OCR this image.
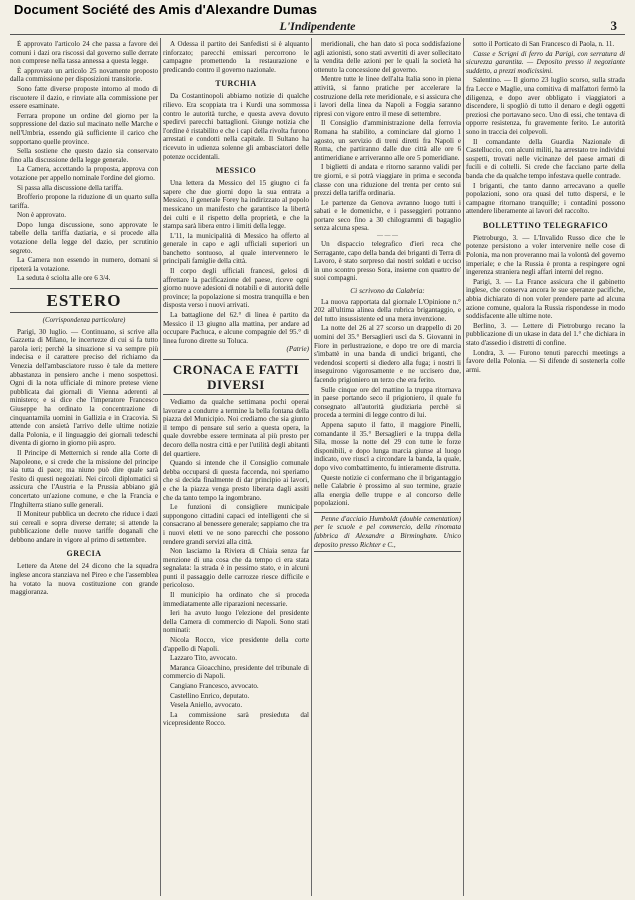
Document Société des Amis d'Alexandre Dumas
L'Indipendente	3

È approvato l'articolo 24 che passa a favore dei comuni i dazi ora riscossi dal governo sulle derrate non comprese nella tassa annessa a questa legge.

È approvato un articolo 25 novamente proposto dalla commissione per disposizioni transitorie.

Sono fatte diverse proposte intorno al modo di riscuotere il dazio, e rinviate alla commissione per essere esaminate.

Ferrara propone un ordine del giorno per la soppressione del dazio sul macinato nelle Marche e nell'Umbria, essendo già sufficiente il carico che sopportano quelle province.

Sella sostiene che questo dazio sia conservato fino alla discussione della legge generale.

La Camera, accettando la proposta, approva con votazione per appello nominale l'ordine del giorno.

Si passa alla discussione della tariffa.

Brofferio propone la riduzione di un quarto sulla tariffa.

Non è approvato.

Dopo lunga discussione, sono approvate le tabelle della tariffa daziaria, e si procede alla votazione della legge del dazio, per scrutinio segreto.

La Camera non essendo in numero, domani si ripeterà la votazione.

La seduta è sciolta alle ore 6 3/4.

ESTERO
(Corrispondenza particolare)

Parigi, 30 luglio. — Continuano, si scrive alla Gazzetta di Milano, le incertezze di cui si fa tutto parola ieri; perchè la situazione si va sempre più indecisa e il carattere preciso del richiamo da Venezia dell'ambasciatore russo è tale da mettere abbastanza in pensiero anche i meno sospettosi. Ogni di la nota ufficiale di minore pretese viene pubblicata dai giornali di Vienna aderenti al ministero; e si dice che l'imperatore Francesco Giuseppe ha ordinato la concentrazione di cinquantamila uomini in Gallizia e in Cracovia. Si attende con ansietà l'arrivo delle ultime notizie dalla Polonia, e il linguaggio dei giornali tedeschi diventa di giorno in giorno più aspro.

Il Principe di Metternich si rende alla Corte di Napoleone, e si crede che la missione del principe sia tutta di pace; ma niuno può dire quale sarà l'esito di questi negoziati. Nei circoli diplomatici si assicura che l'Austria e la Prussia abbiano già concertato un'azione comune, e che la Francia e l'Inghilterra stiano sulle generali.

Il Moniteur pubblica un decreto che riduce i dazi sui cereali e sopra diverse derrate; si attende la pubblicazione delle nuove tariffe doganali che debbono andare in vigore al primo di settembre.

GRECIA

Lettere da Atene del 24 dicono che la squadra inglese ancora stanziava nel Pireo e che l'assemblea ha votato la nuova costituzione con grande maggioranza.

A Odessa il partito dei Sanfedisti si è alquanto rinforzato; parecchi emissari percorrono le campagne promettendo la restaurazione e predicando contro il governo nazionale.

TURCHIA

Da Costantinopoli abbiamo notizie di qualche rilievo. Era scoppiata tra i Kurdi una sommossa contro le autorità turche, e questa aveva dovuto spedirvi parecchi battaglioni. Giunge notizia che l'ordine è ristabilito e che i capi della rivolta furono arrestati e condotti nella capitale. Il Sultano ha ricevuto in udienza solenne gli ambasciatori delle potenze occidentali.

MESSICO

Una lettera da Messico del 15 giugno ci fa sapere che due giorni dopo la sua entrata a Messico, il generale Forey ha indirizzato al popolo messicano un manifesto che garantisce la libertà dei culti e il rispetto della proprietà, e che la stampa sarà libera entro i limiti della legge.

L'11, la municipalità di Messico ha offerto al generale in capo e agli ufficiali superiori un banchetto sontuoso, al quale intervennero le principali famiglie della città.

Il corpo degli ufficiali francesi, gelosi di affrettare la pacificazione del paese, riceve ogni giorno nuove adesioni di notabili e di autorità delle province; la popolazione si mostra tranquilla e ben disposta verso i nuovi arrivati.

La battaglione del 62.° di linea è partito da Messico il 13 giugno alla mattina, per andare ad occupare Pachuca, e alcune compagnie del 95.° di linea furono dirette su Toluca.

(Patrie)
CRONACA E FATTI DIVERSI

Vediamo da qualche settimana pochi operai lavorare a condurre a termine la bella fontana della piazza del Municipio. Noi crediamo che sia giunto il tempo di pensare sul serio a questa opera, la quale dovrebbe essere terminata al più presto per decoro della nostra città e per l'utilità degli abitanti del quartiere.

Quando si intende che il Consiglio comunale debba occuparsi di questa faccenda, noi speriamo che si decida finalmente di dar principio ai lavori, e che la piazza venga presto liberata dagli assiti che da tanto tempo la ingombrano.

Le funzioni di consigliere municipale suppongono cittadini capaci ed intelligenti che si consacrano al benessere generale; sappiamo che tra i nuovi eletti ve ne sono parecchi che possono rendere grandi servizi alla città.

Non lasciamo la Riviera di Chiaia senza far menzione di una cosa che da tempo ci era stata segnalata: la strada è in pessimo stato, e in alcuni punti il passaggio delle carrozze riesce difficile e pericoloso.

Il municipio ha ordinato che si proceda immediatamente alle riparazioni necessarie.

Ieri ha avuto luogo l'elezione del presidente della Camera di commercio di Napoli. Sono stati nominati:

Nicola Rocco, vice presidente della corte d'appello di Napoli.

Lazzaro Tito, avvocato.

Maranca Gioacchino, presidente del tribunale di commercio di Napoli.

Cangiano Francesco, avvocato.

Castellino Enrico, deputato.

Vesela Aniello, avvocato.

La commissione sarà presieduta dal vicepresidente Rocco.

meridionali, che han dato sì poca soddisfazione agli azionisti, sono stati avvertiti di aver sollecitato la vendita delle azioni per le quali la società ha ottenuto la concessione del governo.

Mentre tutte le linee dell'alta Italia sono in piena attività, si fanno pratiche per accelerare la costruzione della rete meridionale, e si assicura che i lavori della linea da Napoli a Foggia saranno ripresi con vigore entro il mese di settembre.

Il Consiglio d'amministrazione della ferrovia Romana ha stabilito, a cominciare dal giorno 1 agosto, un servizio di treni diretti fra Napoli e Roma, che partiranno dalle due città alle ore 6 antimeridiane e arriveranno alle ore 5 pomeridiane.

I biglietti di andata e ritorno saranno validi per tre giorni, e si potrà viaggiare in prima e seconda classe con una riduzione del trenta per cento sui prezzi della tariffa ordinaria.

Le partenze da Genova avranno luogo tutti i sabati e le domeniche, e i passeggieri potranno portare seco fino a 30 chilogrammi di bagaglio senza alcuna spesa.

— — —

Un dispaccio telegrafico d'ieri reca che Serragante, capo della banda dei briganti di Terra di Lavoro, è stato sorpreso dai nostri soldati e ucciso in uno scontro presso Sora, insieme con quattro de' suoi compagni.

Ci scrivono da Calabria:

La nuova rapportata dal giornale L'Opinione n.° 202 all'ultima alinea della rubrica brigantaggio, e del tutto insussistente ed una mera invenzione.

La notte del 26 al 27 scorso un drappello di 20 uomini del 35.° Bersaglieri uscì da S. Giovanni in Fiore in perlustrazione, e dopo tre ore di marcia s'imbattè in una banda di undici briganti, che vedendosi scoperti si diedero alla fuga; i nostri li inseguirono vigorosamente e ne uccisero due, facendo prigioniero un terzo che era ferito.

Sulle cinque ore del mattino la truppa ritornava in paese portando seco il prigioniero, il quale fu consegnato all'autorità giudiziaria perchè si proceda a termini di legge contro di lui.

Appena saputo il fatto, il maggiore Pinelli, comandante il 35.° Bersaglieri e la truppa della Sila, mosse la notte del 29 con tutte le forze disponibili, e dopo lunga marcia giunse al luogo indicato, ove riuscì a circondare la banda, la quale, dopo vivo combattimento, fu intieramente distrutta.

Queste notizie ci confermano che il brigantaggio nelle Calabrie è prossimo al suo termine, grazie alla energia delle truppe e al concorso delle popolazioni.

Penne d'acciaio Humboldt (double cementation) per le scuole e pel commercio, della rinomata fabbrica di Alexandre a Birmingham. Unico deposito presso Richter e C.,

sotto il Porticato di San Francesco di Paola, n. 11.

Casse e Scrigni di ferro da Parigi, con serratura di sicurezza garantita. — Deposito presso il negoziante suddetto, a prezzi modicissimi.

Salentino. — Il giorno 23 luglio scorso, sulla strada fra Lecce e Maglie, una comitiva di malfattori fermò la diligenza, e dopo aver obbligato i viaggiatori a discendere, li spogliò di tutto il denaro e degli oggetti preziosi che portavano seco. Uno di essi, che tentava di opporre resistenza, fu gravemente ferito. Le autorità sono in traccia dei colpevoli.

Il comandante della Guardia Nazionale di Castelluccio, con alcuni militi, ha arrestato tre individui sospetti, trovati nelle vicinanze del paese armati di fucili e di coltelli. Si crede che facciano parte della banda che da qualche tempo infestava quelle contrade.

I briganti, che tanto danno arrecavano a quelle popolazioni, sono ora quasi del tutto dispersi, e le campagne ritornano tranquille; i contadini possono attendere liberamente ai lavori del raccolto.

BOLLETTINO TELEGRAFICO

Pietroburgo, 3. — L'Invalido Russo dice che le potenze persistono a voler intervenire nelle cose di Polonia, ma non proveranno mai la volontà del governo imperiale; e che la Russia è pronta a respingere ogni ingerenza straniera negli affari interni del regno.

Parigi, 3. — La France assicura che il gabinetto inglese, che conserva ancora le sue speranze pacifiche, abbia dichiarato di non voler prendere parte ad alcuna azione comune, qualora la Russia rispondesse in modo soddisfacente alle ultime note.

Berlino, 3. — Lettere di Pietroburgo recano la pubblicazione di un ukase in data del 1.° che dichiara in stato d'assedio i distretti di confine.

Londra, 3. — Furono tenuti parecchi meetings a favore della Polonia. — Si difende di sostenerla colle armi.
